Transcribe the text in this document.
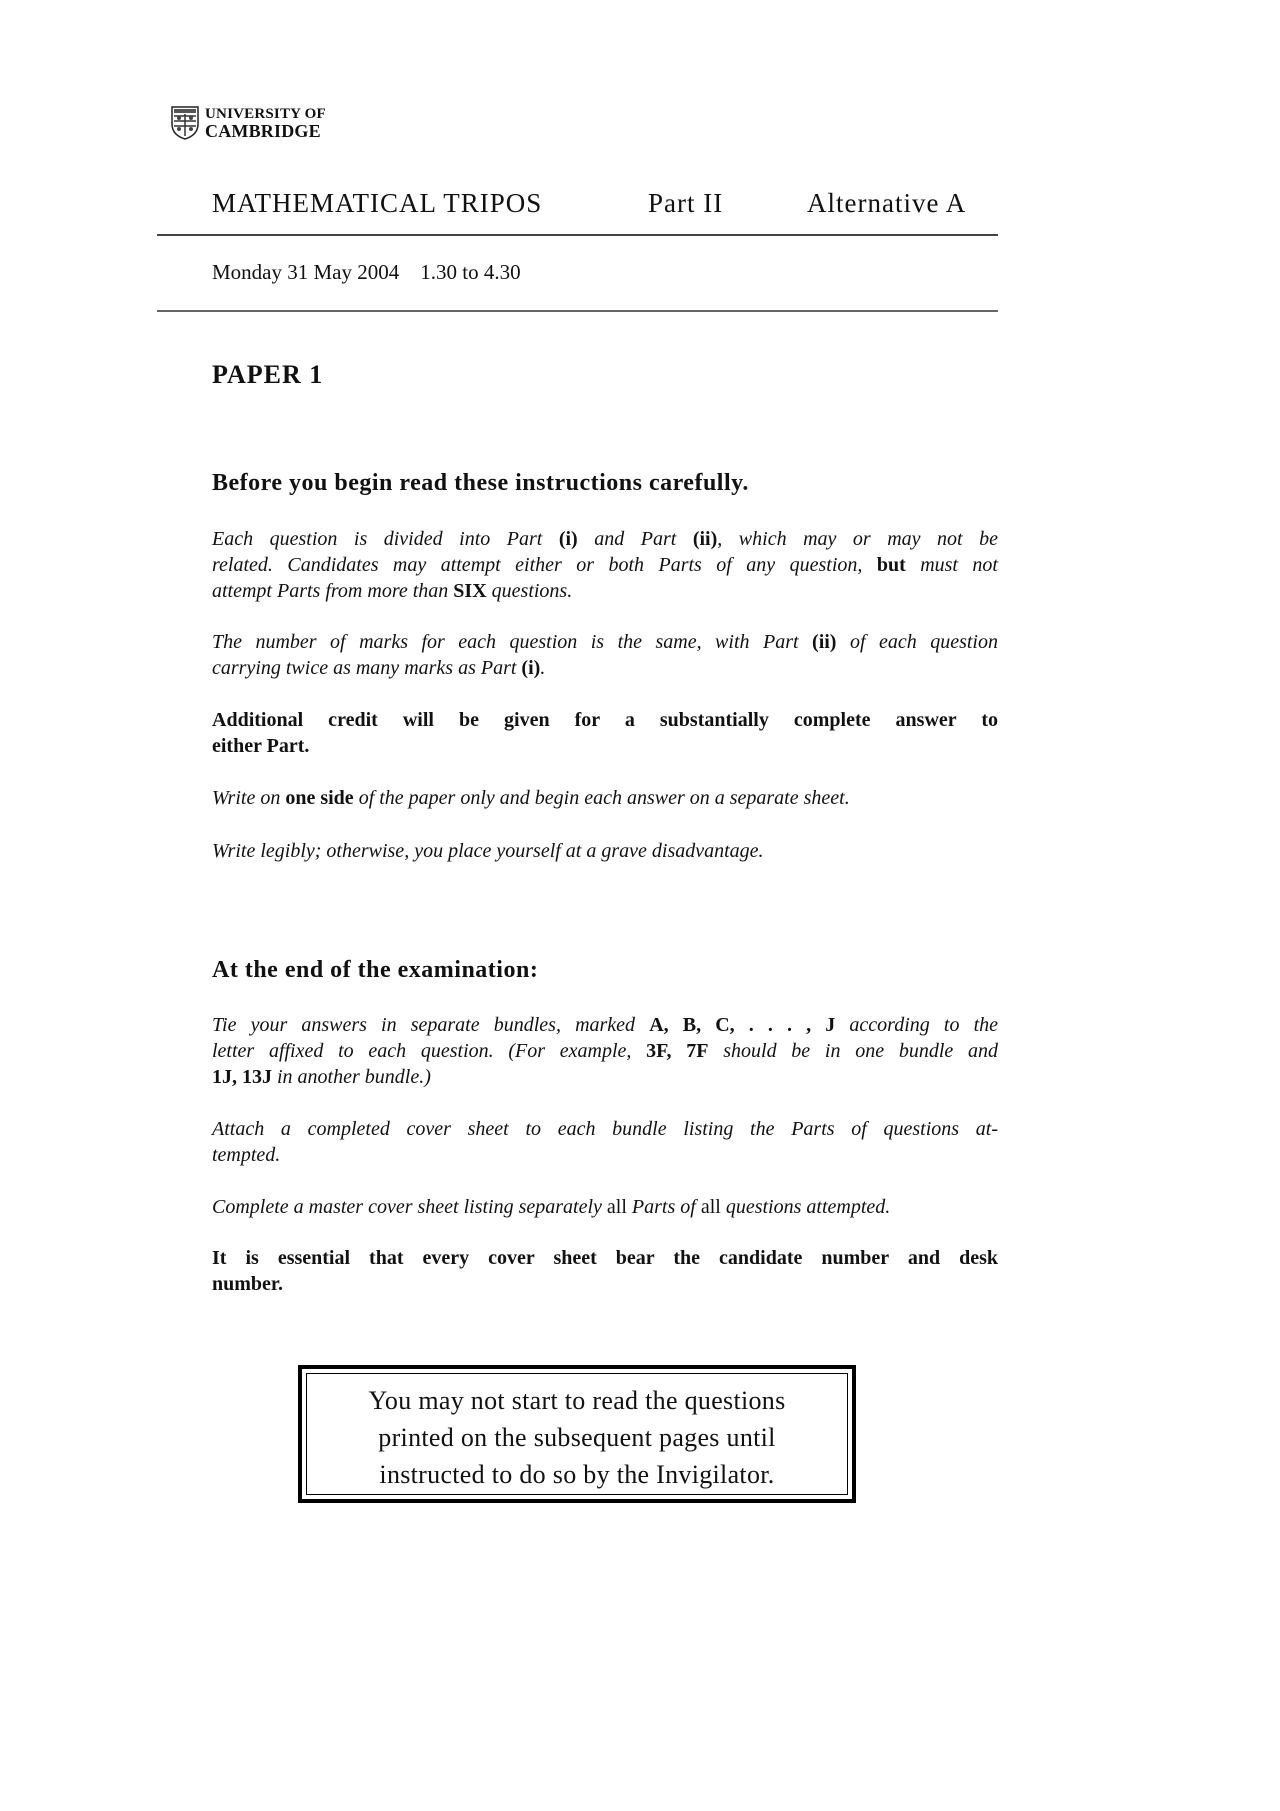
UNIVERSITY OF
CAMBRIDGE
MATHEMATICAL TRIPOS	Part II	Alternative A
Monday 31 May 2004    1.30 to 4.30
PAPER 1
Before you begin read these instructions carefully.
At the end of the examination:
Each question is divided into Part (i) and Part (ii), which may or may not be
related. Candidates may attempt either or both Parts of any question, but must not
attempt Parts from more than SIX questions.
The number of marks for each question is the same, with Part (ii) of each question
carrying twice as many marks as Part (i).
Additional credit will be given for a substantially complete answer to
either Part.
Write on one side of the paper only and begin each answer on a separate sheet.
Write legibly; otherwise, you place yourself at a grave disadvantage.
Tie your answers in separate bundles, marked A, B, C, . . . , J according to the
letter affixed to each question. (For example, 3F, 7F should be in one bundle and
1J, 13J in another bundle.)
Attach a completed cover sheet to each bundle listing the Parts of questions at-
tempted.
Complete a master cover sheet listing separately all Parts of all questions attempted.
It is essential that every cover sheet bear the candidate number and desk
number.
You may not start to read the questions
printed on the subsequent pages until
instructed to do so by the Invigilator.
